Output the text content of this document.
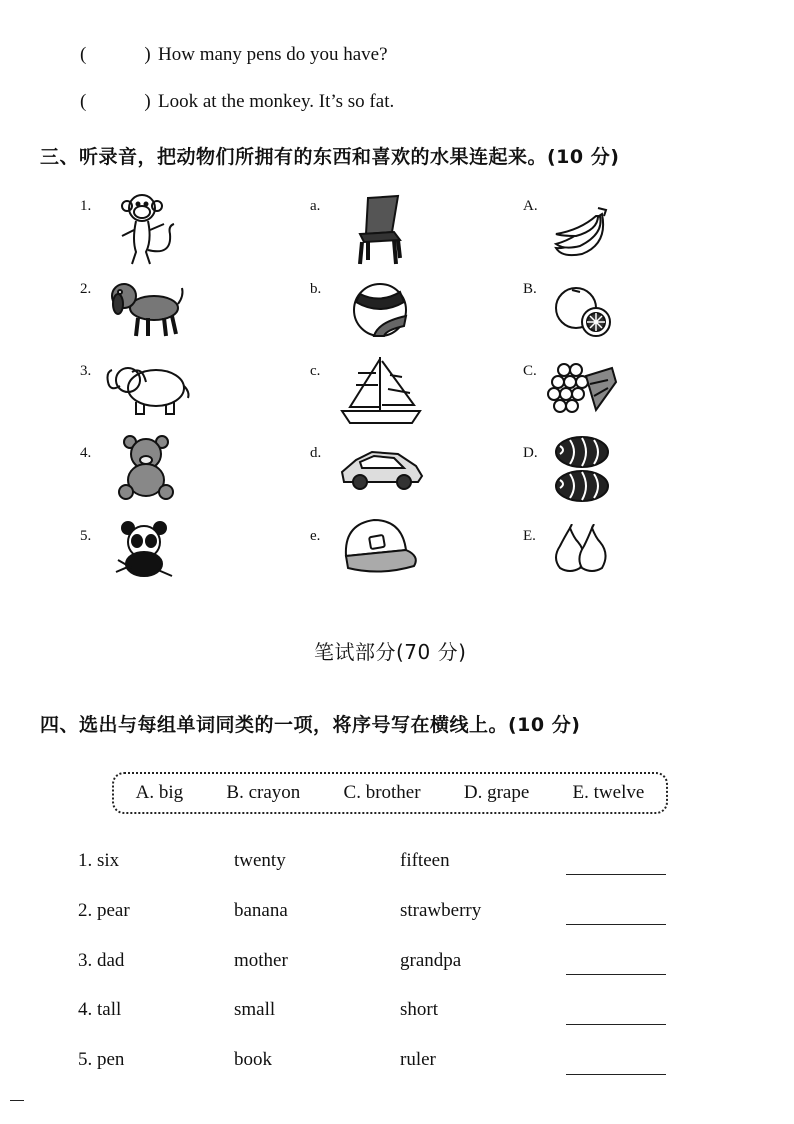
(	) How many pens do you have?
(	) Look at the monkey. It’s so fat.
三、听录音，把动物们所拥有的东西和喜欢的水果连起来。(10 分)
1.
2.
3.
4.
5.
a.
b.
c.
d.
e.
A.
B.
C.
D.
E.
笔试部分(70 分)
四、选出与每组单词同类的一项，将序号写在横线上。(10 分)
A. big B. crayon C. brother D. grape E. twelve
1. six	twenty	fifteen
2. pear	banana	strawberry
3. dad	mother	grandpa
4. tall	small	short
5. pen	book	ruler
